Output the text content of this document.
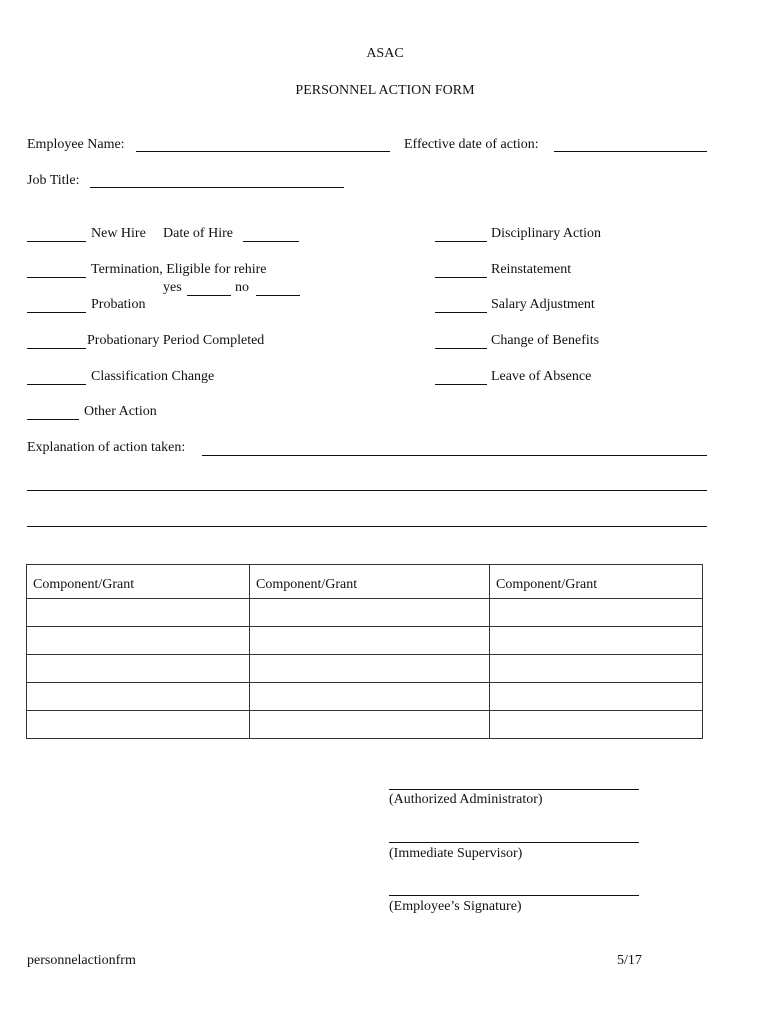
ASAC
PERSONNEL ACTION FORM
Employee Name:	Effective date of action:
Job Title:
New Hire Date of Hire
Termination, Eligible for rehire
yes	no
Probation
Probationary Period Completed
Classification Change
Other Action
Disciplinary Action
Reinstatement
Salary Adjustment
Change of Benefits
Leave of Absence
Explanation of action taken:
Component/Grant	Component/Grant	Component/Grant

(Authorized Administrator)
(Immediate Supervisor)
(Employee’s Signature)
personnelactionfrm	5/17
